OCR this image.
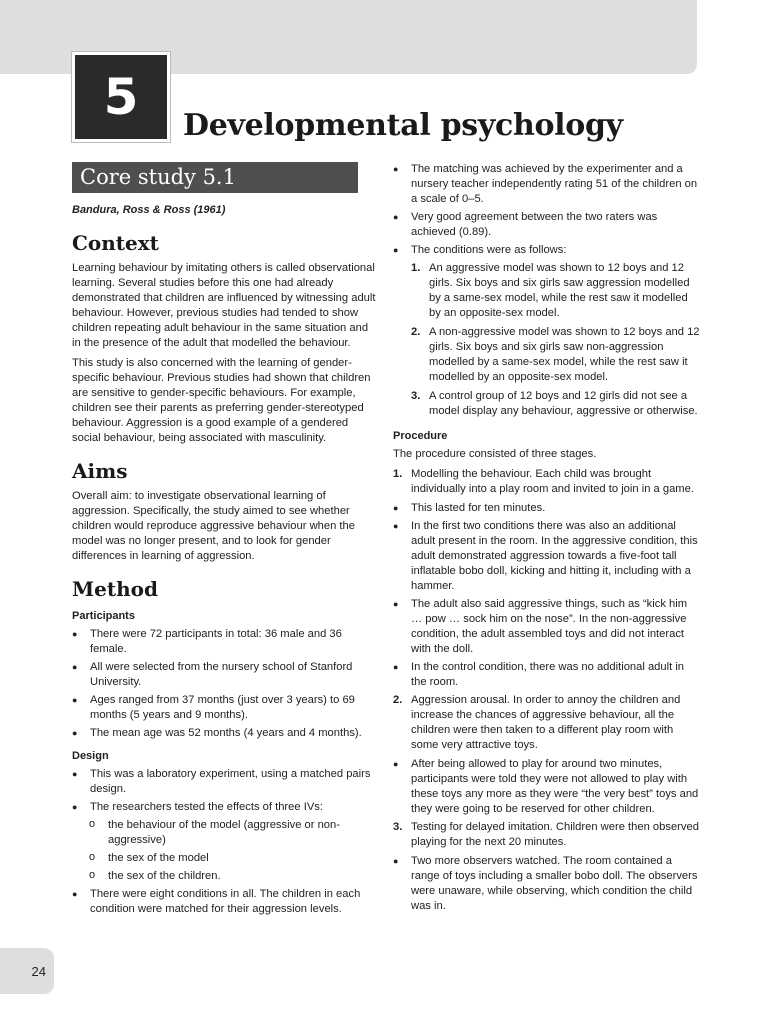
5 Developmental psychology
Core study 5.1
Bandura, Ross & Ross (1961)
Context

Learning behaviour by imitating others is called observational learning. Several studies before this one had already demonstrated that children are influenced by witnessing adult behaviour. However, previous studies had tended to show children repeating adult behaviour in the same situation and in the presence of the adult that modelled the behaviour.

This study is also concerned with the learning of gender-specific behaviour. Previous studies had shown that children are sensitive to gender-specific behaviours. For example, children see their parents as preferring gender-stereotyped behaviour. Aggression is a good example of a gendered social behaviour, being associated with masculinity.

Aims

Overall aim: to investigate observational learning of aggression. Specifically, the study aimed to see whether children would reproduce aggressive behaviour when the model was no longer present, and to look for gender differences in learning of aggression.

Method
Participants
● There were 72 participants in total: 36 male and 36 female.
● All were selected from the nursery school of Stanford University.
● Ages ranged from 37 months (just over 3 years) to 69 months (5 years and 9 months).
● The mean age was 52 months (4 years and 4 months).
Design
● This was a laboratory experiment, using a matched pairs design.
● The researchers tested the effects of three IVs:
o the behaviour of the model (aggressive or non-aggressive)
o the sex of the model
o the sex of the children.
● There were eight conditions in all. The children in each condition were matched for their aggression levels.
● The matching was achieved by the experimenter and a nursery teacher independently rating 51 of the children on a scale of 0–5.
● Very good agreement between the two raters was achieved (0.89).
● The conditions were as follows:
1. An aggressive model was shown to 12 boys and 12 girls. Six boys and six girls saw aggression modelled by a same-sex model, while the rest saw it modelled by an opposite-sex model.
2. A non-aggressive model was shown to 12 boys and 12 girls. Six boys and six girls saw non-aggression modelled by a same-sex model, while the rest saw it modelled by an opposite-sex model.
3. A control group of 12 boys and 12 girls did not see a model display any behaviour, aggressive or otherwise.
Procedure

The procedure consisted of three stages.

1. Modelling the behaviour. Each child was brought individually into a play room and invited to join in a game.
● This lasted for ten minutes.
● In the first two conditions there was also an additional adult present in the room. In the aggressive condition, this adult demonstrated aggression towards a five-foot tall inflatable bobo doll, kicking and hitting it, including with a hammer.
● The adult also said aggressive things, such as “kick him … pow … sock him on the nose”. In the non-aggressive condition, the adult assembled toys and did not interact with the doll.
● In the control condition, there was no additional adult in the room.
2. Aggression arousal. In order to annoy the children and increase the chances of aggressive behaviour, all the children were then taken to a different play room with some very attractive toys.
● After being allowed to play for around two minutes, participants were told they were not allowed to play with these toys any more as they were “the very best” toys and they were going to be reserved for other children.
3. Testing for delayed imitation. Children were then observed playing for the next 20 minutes.
● Two more observers watched. The room contained a range of toys including a smaller bobo doll. The observers were unaware, while observing, which condition the child was in.
24
